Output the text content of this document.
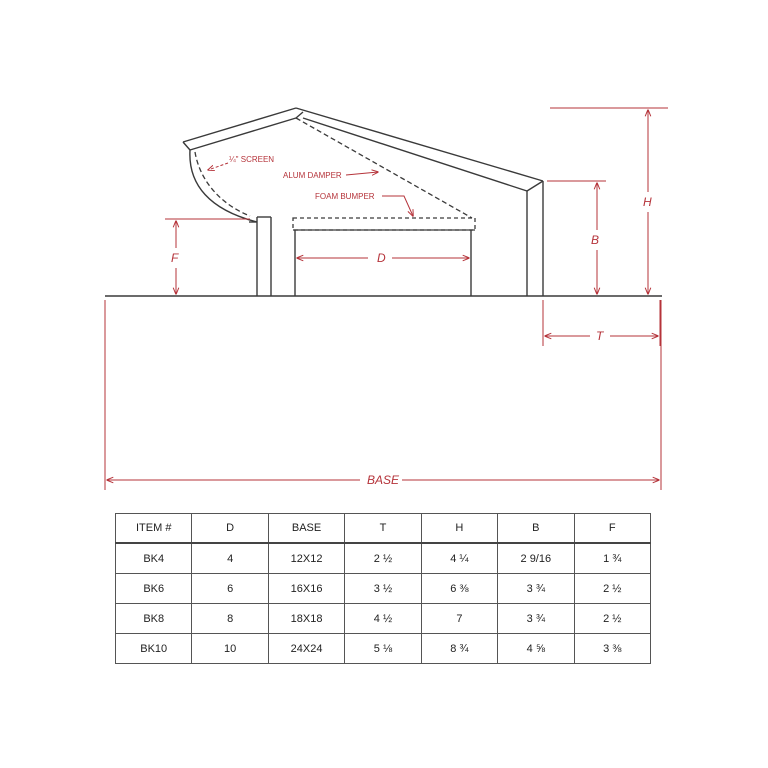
¼" SCREEN
ALUM DAMPER
FOAM BUMPER
F	D
B
H
T
BASE
ITEM #	D	BASE	T	H	B	F
BK4	4	12X12	2 ½	4 ¼	2 9/16	1 ¾
BK6	6	16X16	3 ½	6 ⅜	3 ¾	2 ½
BK8	8	18X18	4 ½	7	3 ¾	2 ½
BK10	10	24X24	5 ⅛	8 ¾	4 ⅝	3 ⅜
